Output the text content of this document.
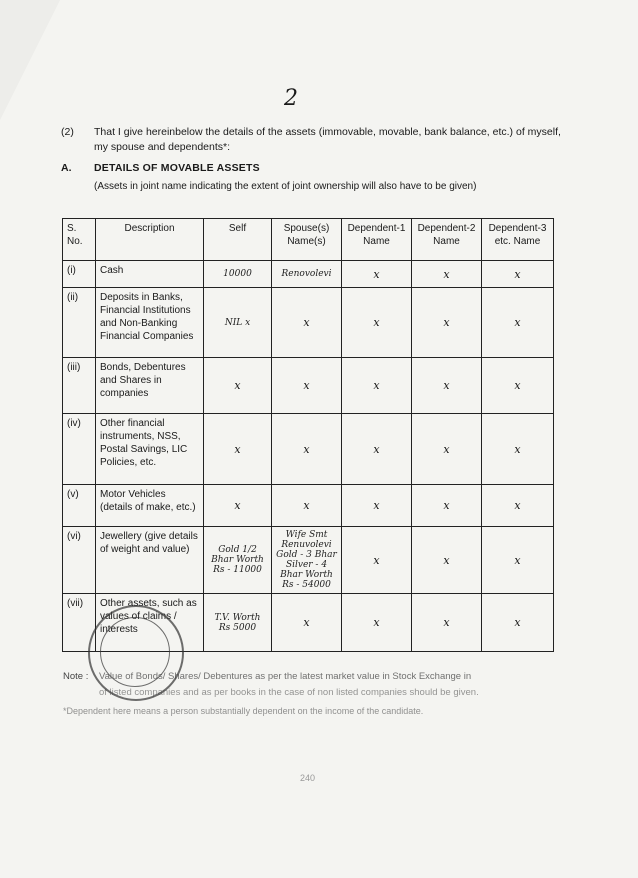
2
(2) That I give hereinbelow the details of the assets (immovable, movable, bank balance, etc.) of myself, my spouse and dependents*:
A. DETAILS OF MOVABLE ASSETS
(Assets in joint name indicating the extent of joint ownership will also have to be given)
S. No.	Description	Self	Spouse(s) Name(s)	Dependent-1 Name	Dependent-2 Name	Dependent-3 etc. Name
(i)	Cash	10000	Renovolevi	x	x	x
(ii)	Deposits in Banks, Financial Institutions and Non-Banking Financial Companies	NIL x	x	x	x	x
(iii)	Bonds, Debentures and Shares in companies	x	x	x	x	x
(iv)	Other financial instruments, NSS, Postal Savings, LIC Policies, etc.	x	x	x	x	x
(v)	Motor Vehicles (details of make, etc.)	x	x	x	x	x
(vi)	Jewellery (give details of weight and value)	Gold 1/2 Bhar Worth Rs - 11000	Wife Smt Renuvolevi Gold - 3 Bhar Silver - 4 Bhar Worth Rs - 54000	x	x	x
(vii)	Other assets, such as values of claims / interests	T.V. Worth Rs 5000	x	x	x	x
Note : Value of Bonds/ Shares/ Debentures as per the latest market value in Stock Exchange in
of listed companies and as per books in the case of non listed companies should be given.
*Dependent here means a person substantially dependent on the income of the candidate.
240
